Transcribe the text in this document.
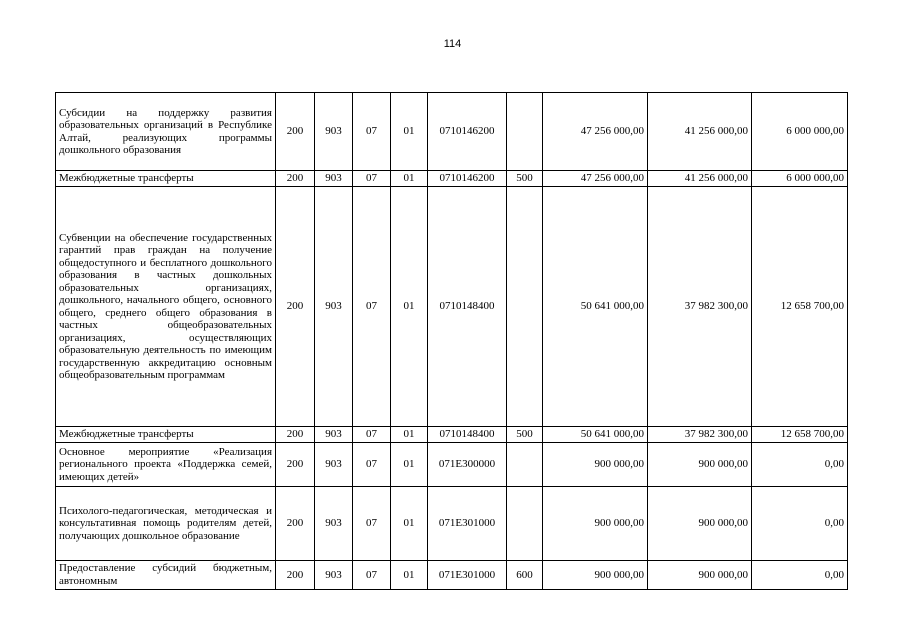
114
Субсидии на поддержку развития образовательных организаций в Республике Алтай, реализующих программы дошкольного образования	200	903	07	01	0710146200		47 256 000,00	41 256 000,00	6 000 000,00
Межбюджетные трансферты	200	903	07	01	0710146200	500	47 256 000,00	41 256 000,00	6 000 000,00
Субвенции на обеспечение государственных гарантий прав граждан на получение общедоступного и бесплатного дошкольного образования в частных дошкольных образовательных организациях, дошкольного, начального общего, основного общего, среднего общего образования в частных общеобразовательных организациях, осуществляющих образовательную деятельность по имеющим государственную аккредитацию основным общеобразовательным программам	200	903	07	01	0710148400		50 641 000,00	37 982 300,00	12 658 700,00
Межбюджетные трансферты	200	903	07	01	0710148400	500	50 641 000,00	37 982 300,00	12 658 700,00
Основное мероприятие «Реализация регионального проекта «Поддержка семей, имеющих детей»	200	903	07	01	071E300000		900 000,00	900 000,00	0,00
Психолого-педагогическая, методическая и консультативная помощь родителям детей, получающих дошкольное образование	200	903	07	01	071E301000		900 000,00	900 000,00	0,00

Предоставление субсидий бюджетным, автономным	200	903	07	01	071E301000	600	900 000,00	900 000,00	0,00
